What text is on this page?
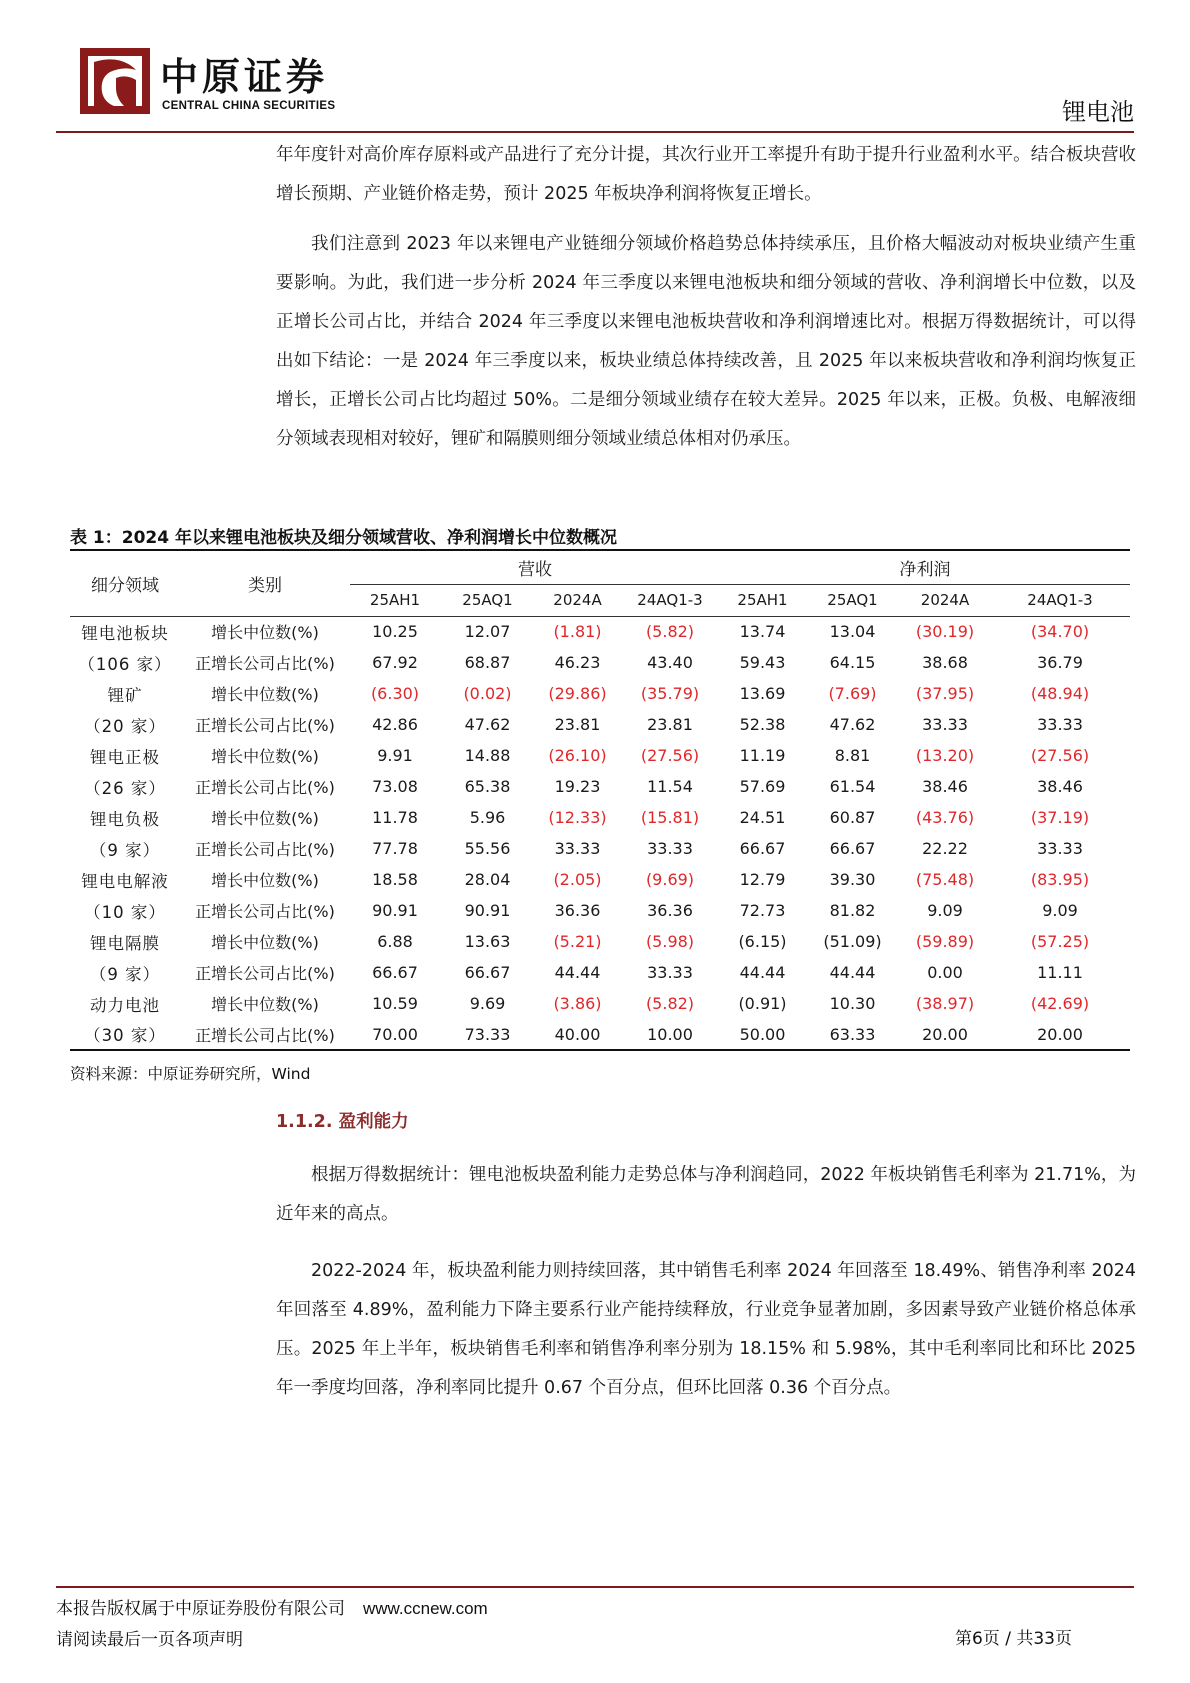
中原证券
CENTRAL CHINA SECURITIES	锂电池
年年度针对高价库存原料或产品进行了充分计提，其次行业开工率提升有助于提升行业盈利水平。结合板块营收增长预期、产业链价格走势，预计 2025 年板块净利润将恢复正增长。
我们注意到 2023 年以来锂电产业链细分领域价格趋势总体持续承压，且价格大幅波动对板块业绩产生重要影响。为此，我们进一步分析 2024 年三季度以来锂电池板块和细分领域的营收、净利润增长中位数，以及正增长公司占比，并结合 2024 年三季度以来锂电池板块营收和净利润增速比对。根据万得数据统计，可以得出如下结论：一是 2024 年三季度以来，板块业绩总体持续改善，且 2025 年以来板块营收和净利润均恢复正增长，正增长公司占比均超过 50%。二是细分领域业绩存在较大差异。2025 年以来，正极。负极、电解液细分领域表现相对较好，锂矿和隔膜则细分领域业绩总体相对仍承压。
表 1：2024 年以来锂电池板块及细分领域营收、净利润增长中位数概况
细分领域	类别	营收				净利润			
		25AH1	25AQ1	2024A	24AQ1-3	25AH1	25AQ1	2024A	24AQ1-3
锂电池板块	增长中位数(%)	10.25	12.07	(1.81)	(5.82)	13.74	13.04	(30.19)	(34.70)
（106 家）	正增长公司占比(%)	67.92	68.87	46.23	43.40	59.43	64.15	38.68	36.79
锂矿	增长中位数(%)	(6.30)	(0.02)	(29.86)	(35.79)	13.69	(7.69)	(37.95)	(48.94)
（20 家）	正增长公司占比(%)	42.86	47.62	23.81	23.81	52.38	47.62	33.33	33.33
锂电正极	增长中位数(%)	9.91	14.88	(26.10)	(27.56)	11.19	8.81	(13.20)	(27.56)
（26 家）	正增长公司占比(%)	73.08	65.38	19.23	11.54	57.69	61.54	38.46	38.46
锂电负极	增长中位数(%)	11.78	5.96	(12.33)	(15.81)	24.51	60.87	(43.76)	(37.19)
（9 家）	正增长公司占比(%)	77.78	55.56	33.33	33.33	66.67	66.67	22.22	33.33
锂电电解液	增长中位数(%)	18.58	28.04	(2.05)	(9.69)	12.79	39.30	(75.48)	(83.95)
（10 家）	正增长公司占比(%)	90.91	90.91	36.36	36.36	72.73	81.82	9.09	9.09
锂电隔膜	增长中位数(%)	6.88	13.63	(5.21)	(5.98)	(6.15)	(51.09)	(59.89)	(57.25)
（9 家）	正增长公司占比(%)	66.67	66.67	44.44	33.33	44.44	44.44	0.00	11.11
动力电池	增长中位数(%)	10.59	9.69	(3.86)	(5.82)	(0.91)	10.30	(38.97)	(42.69)
（30 家）	正增长公司占比(%)	70.00	73.33	40.00	10.00	50.00	63.33	20.00	20.00
资料来源：中原证券研究所，Wind
1.1.2. 盈利能力
根据万得数据统计：锂电池板块盈利能力走势总体与净利润趋同，2022 年板块销售毛利率为 21.71%，为近年来的高点。
2022-2024 年，板块盈利能力则持续回落，其中销售毛利率 2024 年回落至 18.49%、销售净利率 2024 年回落至 4.89%，盈利能力下降主要系行业产能持续释放，行业竞争显著加剧，多因素导致产业链价格总体承压。2025 年上半年，板块销售毛利率和销售净利率分别为 18.15% 和 5.98%，其中毛利率同比和环比 2025 年一季度均回落，净利率同比提升 0.67 个百分点，但环比回落 0.36 个百分点。
本报告版权属于中原证券股份有限公司 www.ccnew.com
请阅读最后一页各项声明	第6页 / 共33页
